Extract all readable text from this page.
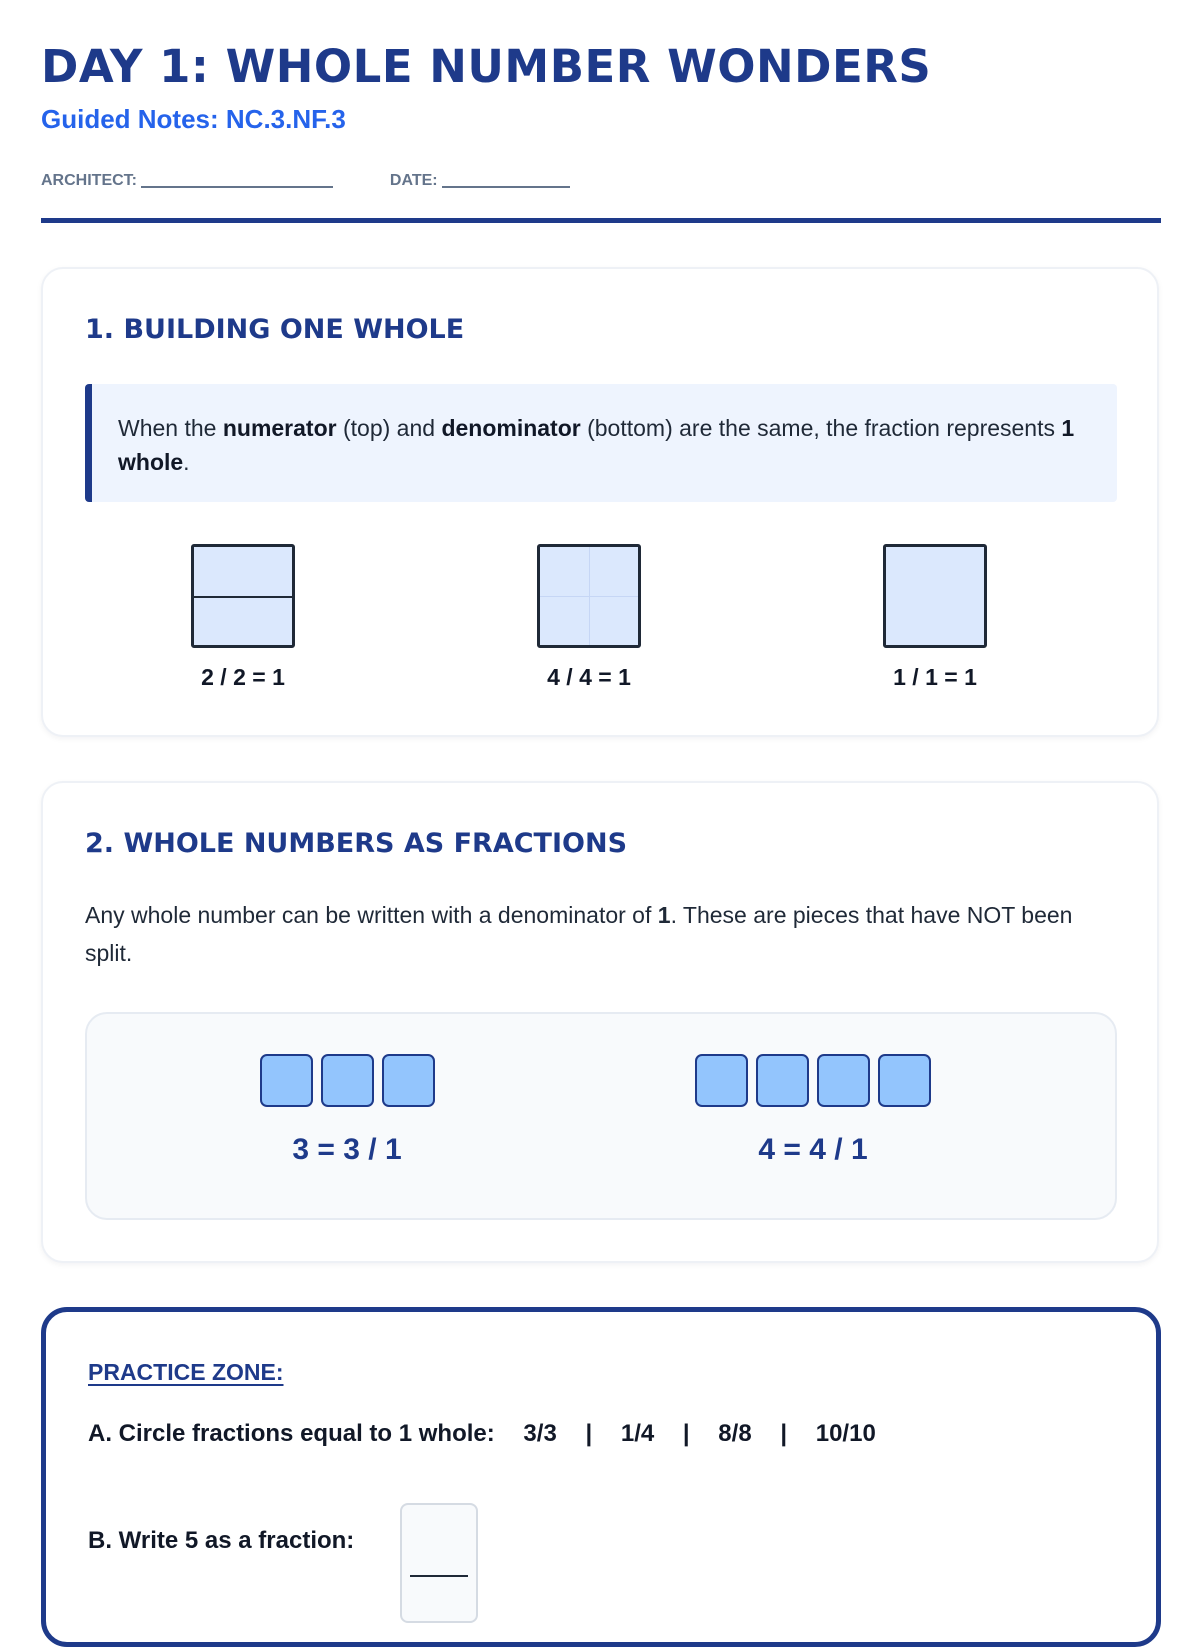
DAY 1: WHOLE NUMBER WONDERS
Guided Notes: NC.3.NF.3
ARCHITECT:	DATE:
1. BUILDING ONE WHOLE
When the numerator (top) and denominator (bottom) are the same, the fraction represents 1 whole.
2 / 2 = 1	4 / 4 = 1	1 / 1 = 1
2. WHOLE NUMBERS AS FRACTIONS
Any whole number can be written with a denominator of 1. These are pieces that have NOT been split.
3 = 3 / 1	4 = 4 / 1
PRACTICE ZONE:
A. Circle fractions equal to 1 whole: 3/3 | 1/4 | 8/8 | 10/10
B. Write 5 as a fraction:
